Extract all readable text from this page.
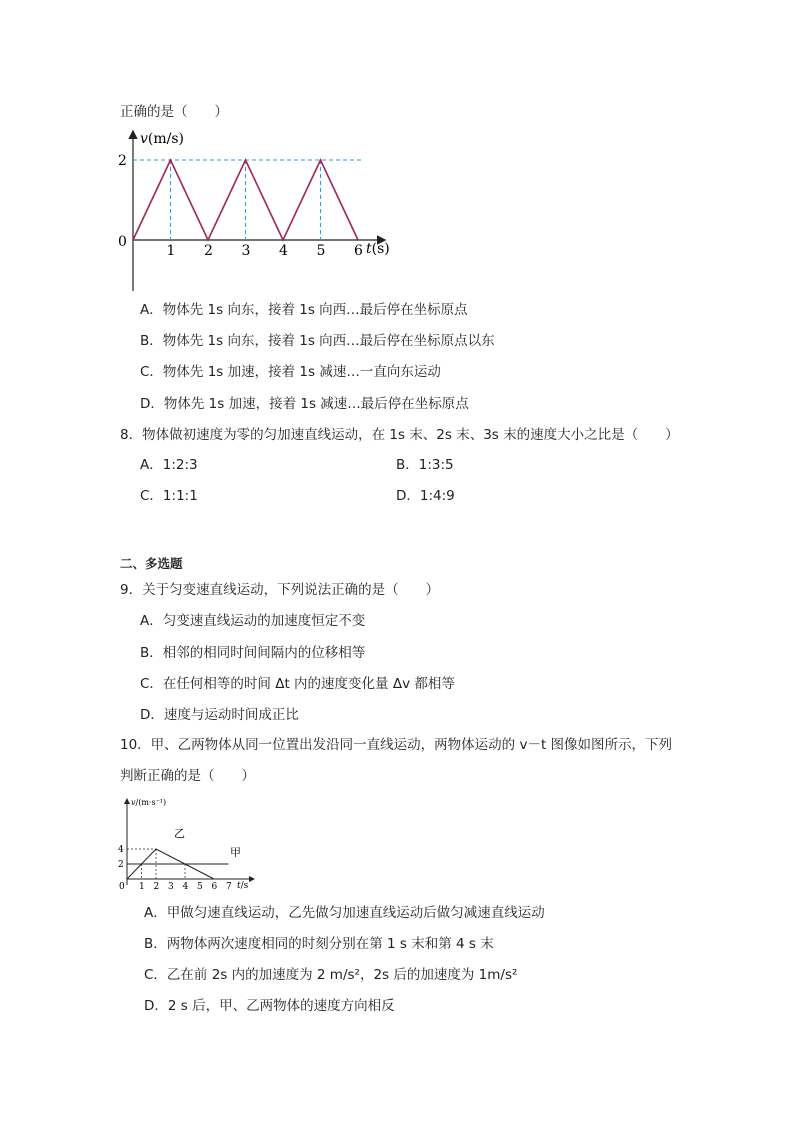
正确的是（　　）
v(m/s)
2
0
1 2 3 4 5 6 t(s)
A．物体先 1s 向东，接着 1s 向西…最后停在坐标原点
B．物体先 1s 向东，接着 1s 向西…最后停在坐标原点以东
C．物体先 1s 加速，接着 1s 减速…一直向东运动
D．物体先 1s 加速，接着 1s 减速…最后停在坐标原点
8．物体做初速度为零的匀加速直线运动，在 1s 末、2s 末、3s 末的速度大小之比是（　　）
A．1:2:3	B．1:3:5
C．1:1:1	D．1:4:9
二、多选题
9．关于匀变速直线运动，下列说法正确的是（　　）
A．匀变速直线运动的加速度恒定不变
B．相邻的相同时间间隔内的位移相等
C．在任何相等的时间 Δt 内的速度变化量 Δv 都相等
D．速度与运动时间成正比
10．甲、乙两物体从同一位置出发沿同一直线运动，两物体运动的 v－t 图像如图所示，下列
判断正确的是（　　）
v/(m·s⁻¹)
2
4
0 1 2 3 4 5 6 7 t/s
乙
甲
A．甲做匀速直线运动，乙先做匀加速直线运动后做匀减速直线运动
B．两物体两次速度相同的时刻分别在第 1 s 末和第 4 s 末
C．乙在前 2s 内的加速度为 2 m/s²，2s 后的加速度为 1m/s²
D．2 s 后，甲、乙两物体的速度方向相反
